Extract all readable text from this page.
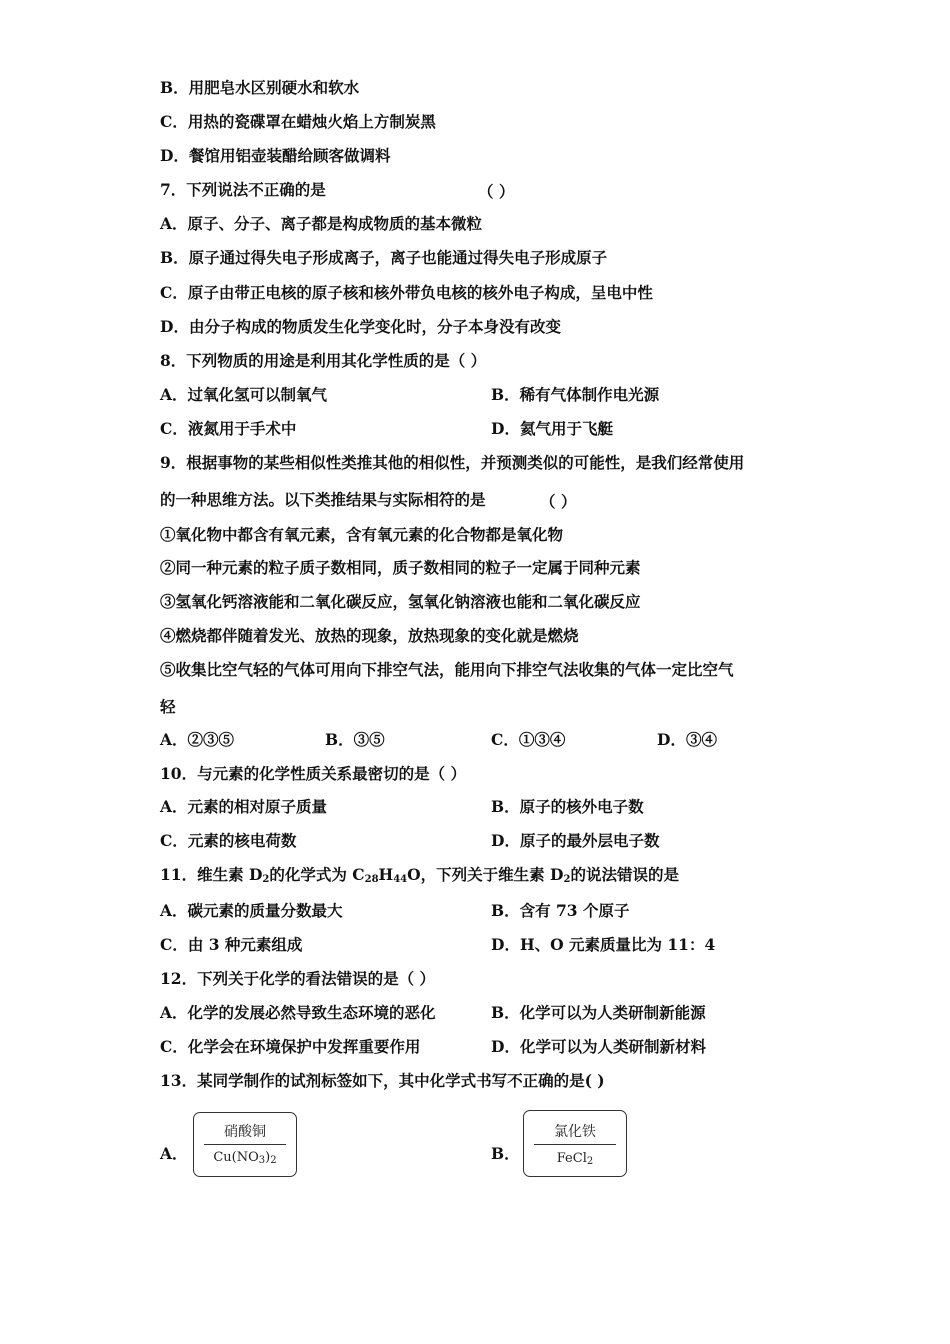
B．用肥皂水区别硬水和软水
C．用热的瓷碟罩在蜡烛火焰上方制炭黑
D．餐馆用铝壶装醋给顾客做调料
7．下列说法不正确的是	（ ）
A．原子、分子、离子都是构成物质的基本微粒
B．原子通过得失电子形成离子，离子也能通过得失电子形成原子
C．原子由带正电核的原子核和核外带负电核的核外电子构成，呈电中性
D．由分子构成的物质发生化学变化时，分子本身没有改变
8．下列物质的用途是利用其化学性质的是（ ）
A．过氧化氢可以制氧气	B．稀有气体制作电光源
C．液氮用于手术中	D．氦气用于飞艇
9．根据事物的某些相似性类推其他的相似性，并预测类似的可能性，是我们经常使用
的一种思维方法。以下类推结果与实际相符的是	（ ）
①氧化物中都含有氧元素，含有氧元素的化合物都是氧化物
②同一种元素的粒子质子数相同，质子数相同的粒子一定属于同种元素
③氢氧化钙溶液能和二氧化碳反应，氢氧化钠溶液也能和二氧化碳反应
④燃烧都伴随着发光、放热的现象，放热现象的变化就是燃烧
⑤收集比空气轻的气体可用向下排空气法，能用向下排空气法收集的气体一定比空气
轻
A．②③⑤	B．③⑤	C．①③④	D．③④
10．与元素的化学性质关系最密切的是（ ）
A．元素的相对原子质量	B．原子的核外电子数
C．元素的核电荷数	D．原子的最外层电子数
11．维生素 $D_2$的化学式为 $C_{28}H_{44}O$，下列关于维生素 $D_2$的说法错误的是
A．碳元素的质量分数最大	B．含有 73 个原子
C．由 3 种元素组成	D．H、O 元素质量比为 11：4
12．下列关于化学的看法错误的是（ ）
A．化学的发展必然导致生态环境的恶化	B．化学可以为人类研制新能源
C．化学会在环境保护中发挥重要作用	D．化学可以为人类研制新材料
13．某同学制作的试剂标签如下，其中化学式书写不正确的是( )
A．
硝酸铜
$Cu(NO_3)_2$	B．
氯化铁
FeCl$_2$
